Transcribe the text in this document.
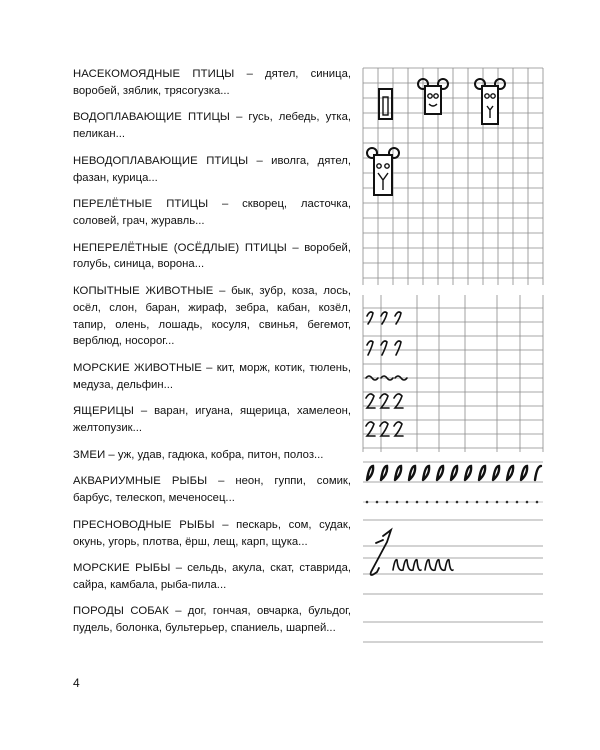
НАСЕКОМОЯДНЫЕ ПТИЦЫ – дятел, синица, воробей, зяблик, трясогузка...

ВОДОПЛАВАЮЩИЕ ПТИЦЫ – гусь, лебедь, утка, пеликан...

НЕВОДОПЛАВАЮЩИЕ ПТИЦЫ – иволга, дятел, фазан, курица...

ПЕРЕЛЁТНЫЕ ПТИЦЫ – скворец, ласточка, соловей, грач, журавль...

НЕПЕРЕЛЁТНЫЕ (ОСЁДЛЫЕ) ПТИЦЫ – воробей, голубь, синица, ворона...

КОПЫТНЫЕ ЖИВОТНЫЕ – бык, зубр, коза, лось, осёл, слон, баран, жираф, зебра, кабан, козёл, тапир, олень, лошадь, косуля, свинья, бегемот, верблюд, носорог...

МОРСКИЕ ЖИВОТНЫЕ – кит, морж, котик, тюлень, медуза, дельфин...

ЯЩЕРИЦЫ – варан, игуана, ящерица, хамелеон, желтопузик...

ЗМЕИ – уж, удав, гадюка, кобра, питон, полоз...

АКВАРИУМНЫЕ РЫБЫ – неон, гуппи, сомик, барбус, телескоп, меченосец...

ПРЕСНОВОДНЫЕ РЫБЫ – пескарь, сом, судак, окунь, угорь, плотва, ёрш, лещ, карп, щука...

МОРСКИЕ РЫБЫ – сельдь, акула, скат, ставрида, сайра, камбала, рыба-пила...

ПОРОДЫ СОБАК – дог, гончая, овчарка, бульдог, пудель, болонка, бультерьер, спаниель, шарпей...

4
